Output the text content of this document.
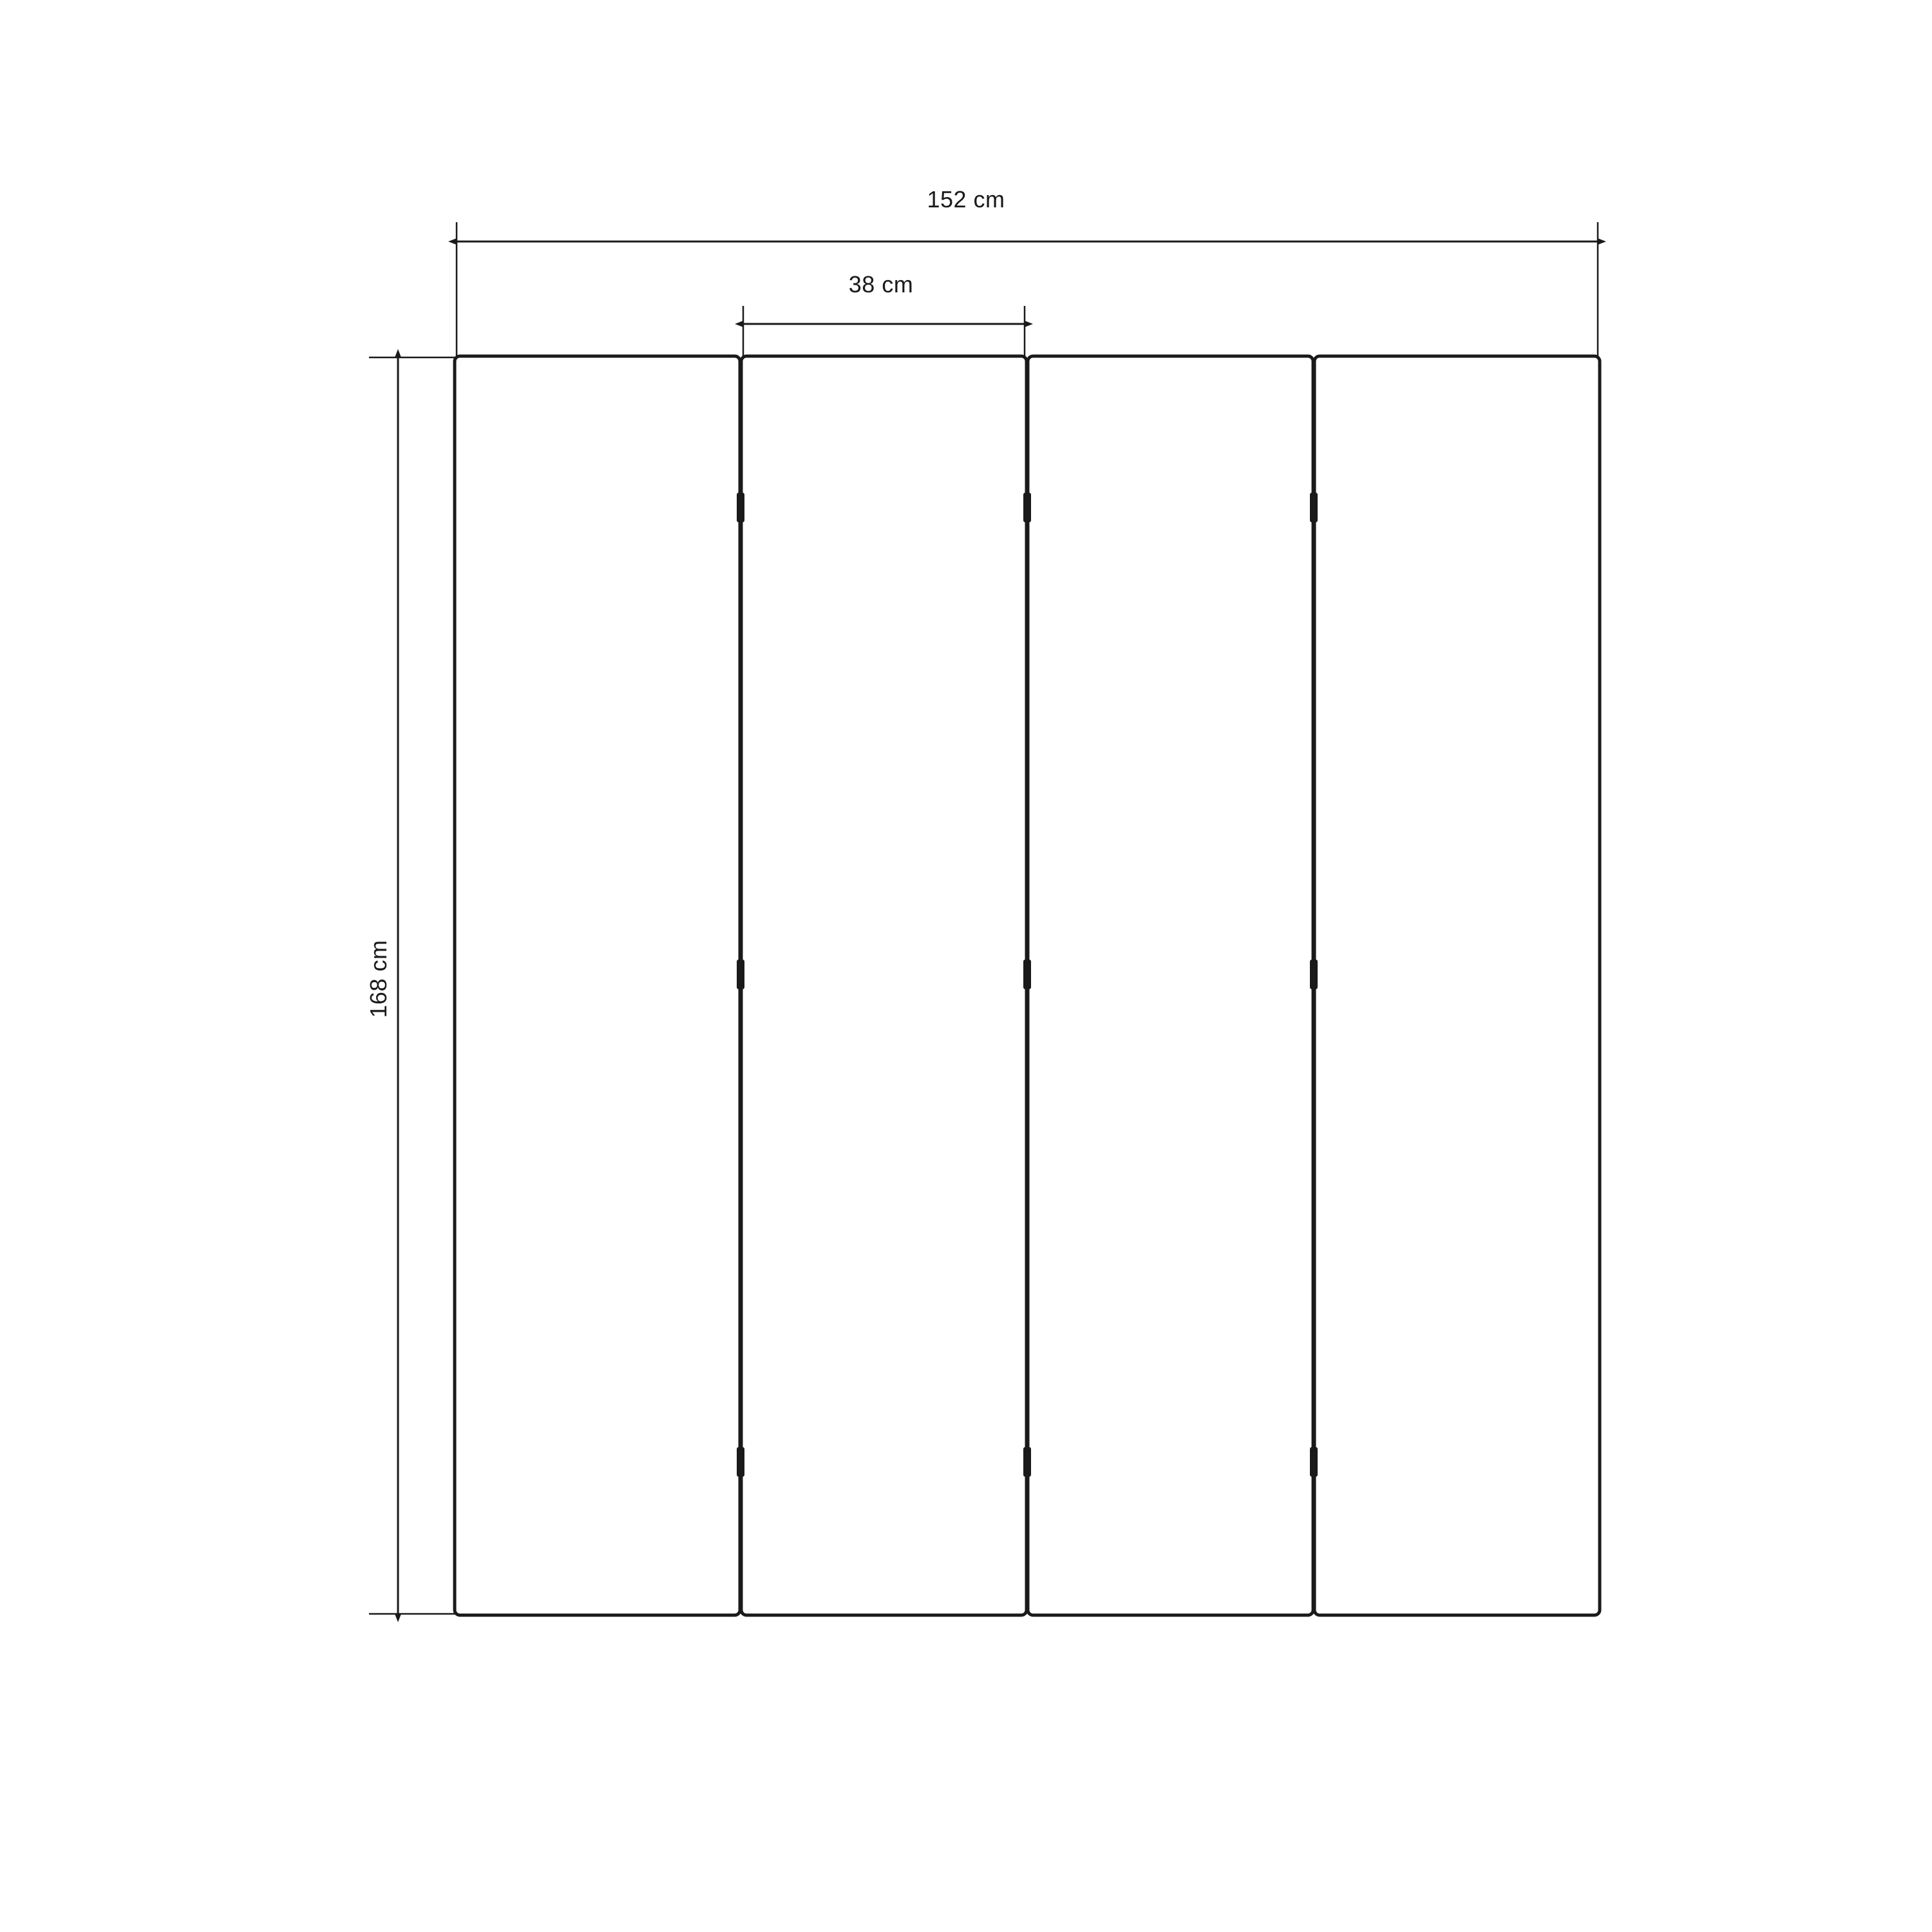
152 cm
38 cm
168 cm
